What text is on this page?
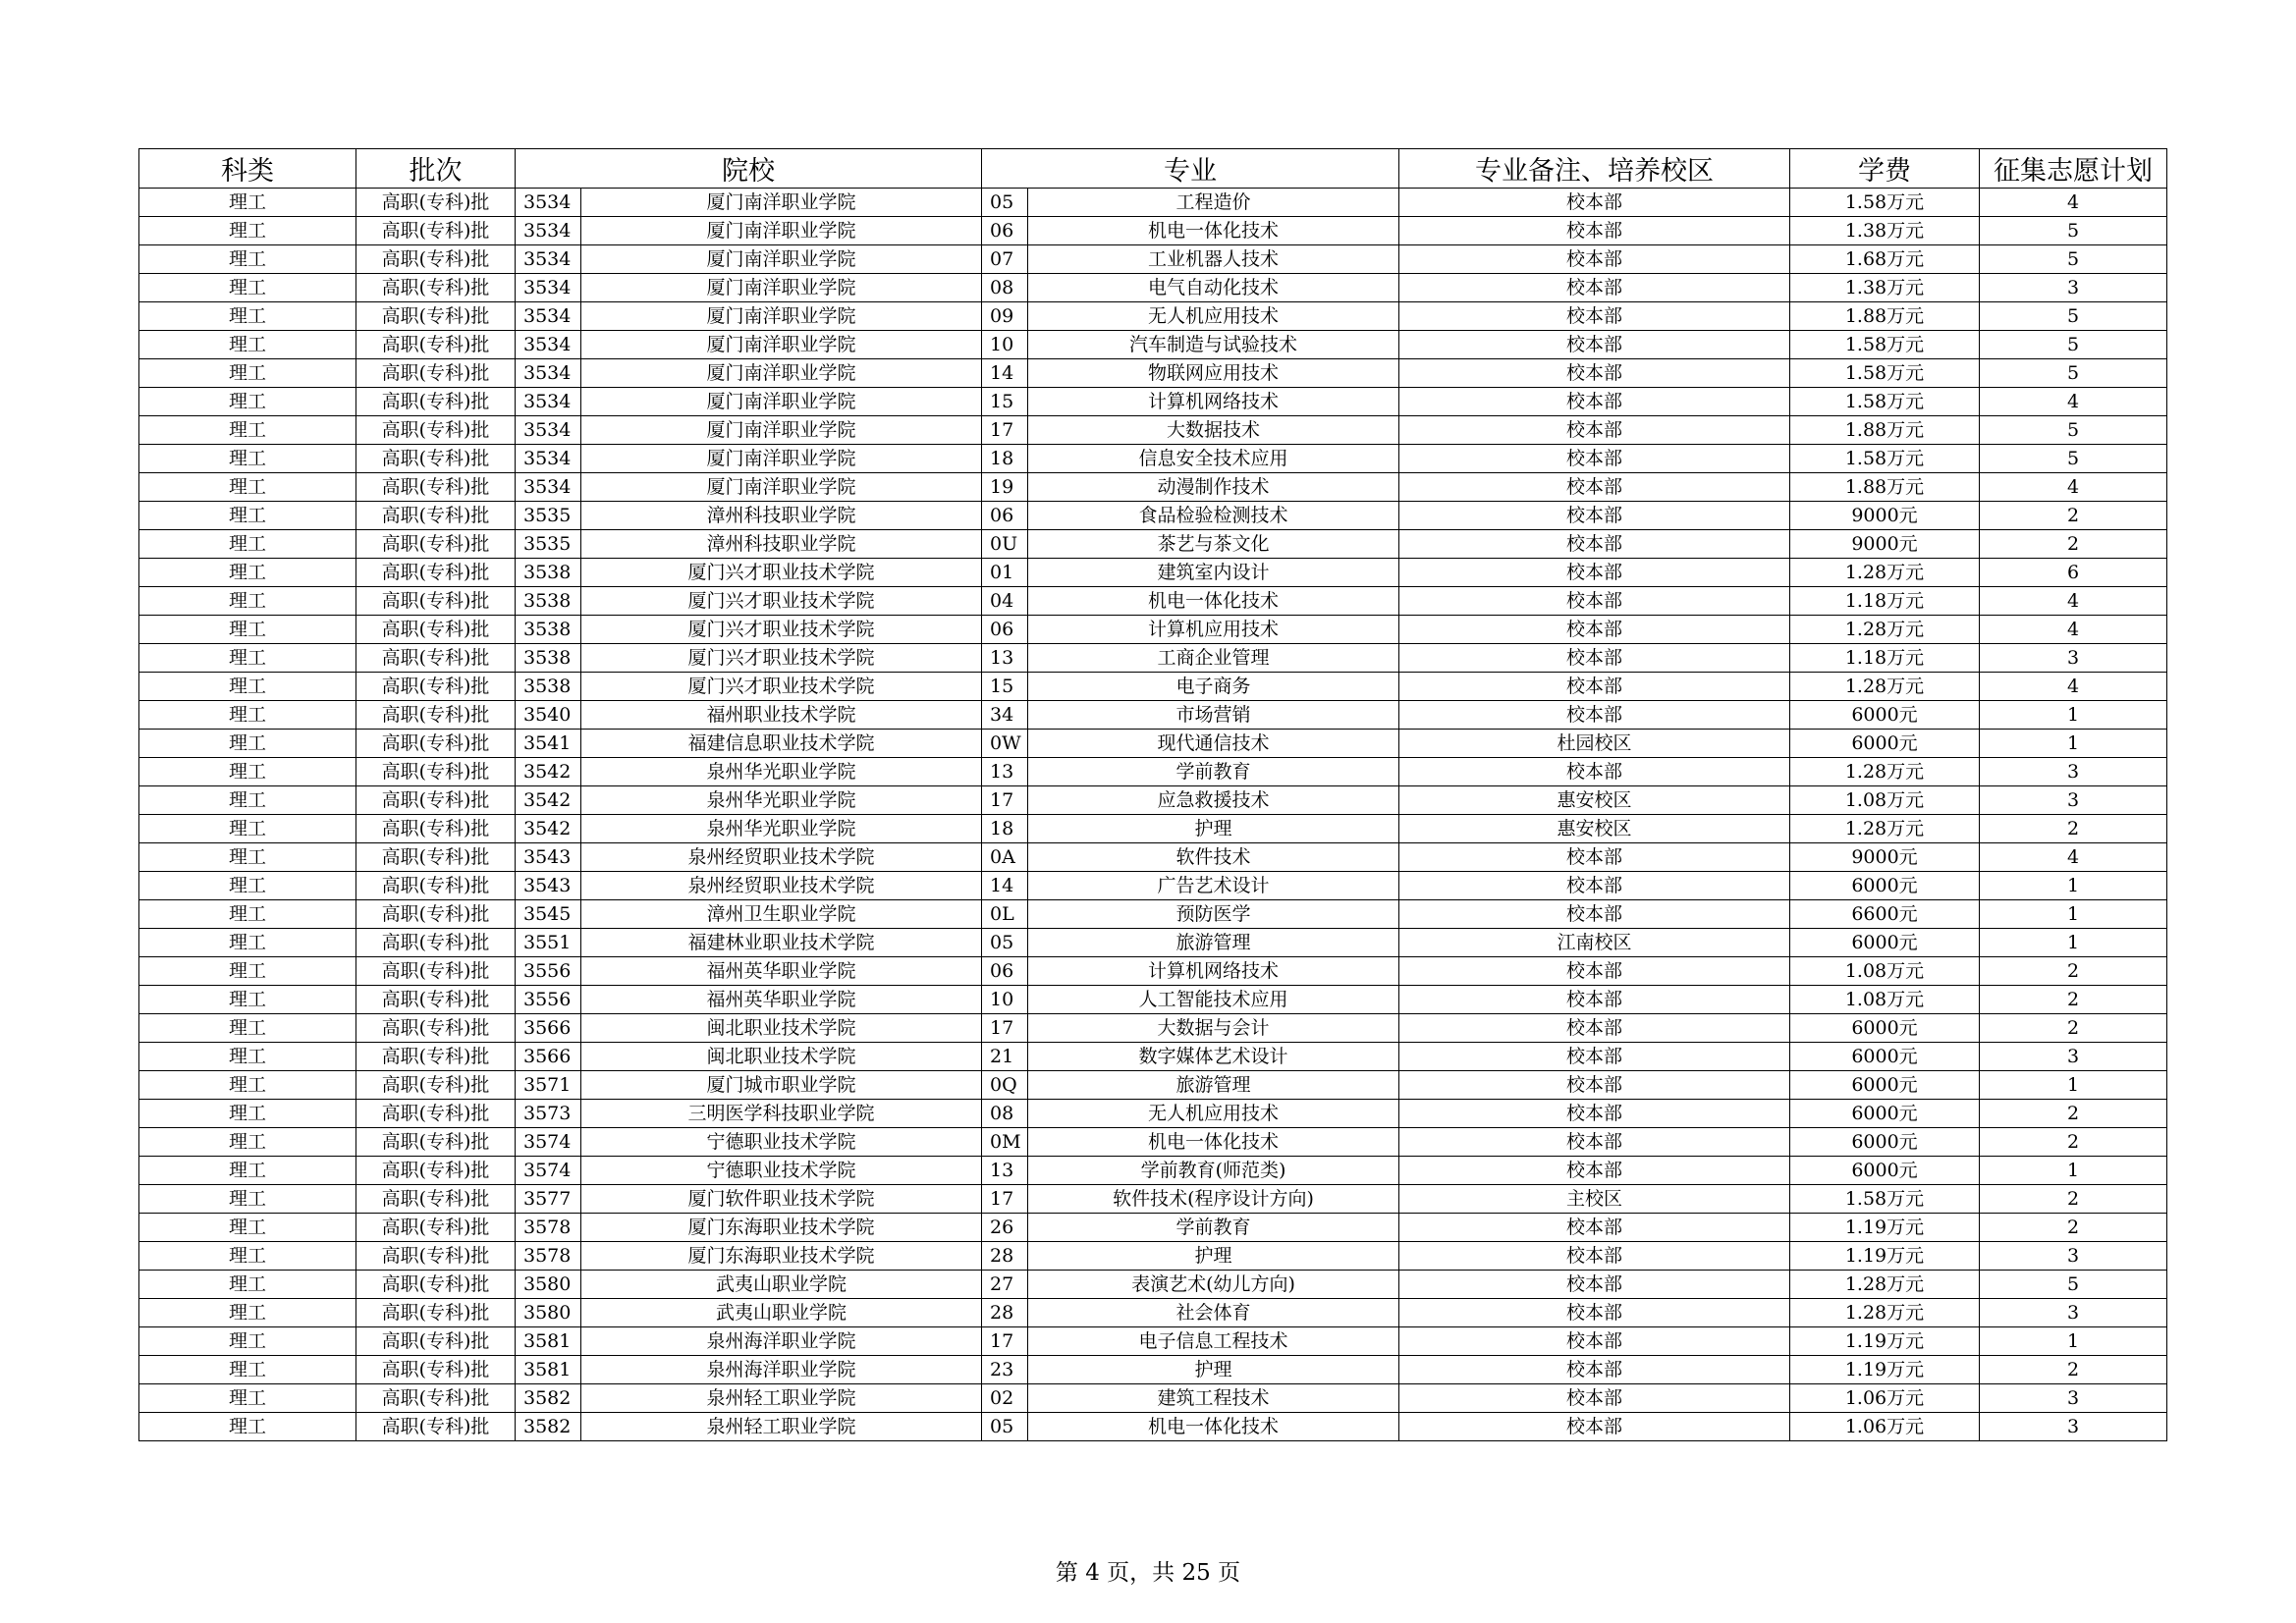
科类	批次	院校		专业		专业备注、培养校区	学费	征集志愿计划
理工	高职(专科)批	3534	厦门南洋职业学院	05	工程造价	校本部	1.58万元	4
理工	高职(专科)批	3534	厦门南洋职业学院	06	机电一体化技术	校本部	1.38万元	5
理工	高职(专科)批	3534	厦门南洋职业学院	07	工业机器人技术	校本部	1.68万元	5
理工	高职(专科)批	3534	厦门南洋职业学院	08	电气自动化技术	校本部	1.38万元	3
理工	高职(专科)批	3534	厦门南洋职业学院	09	无人机应用技术	校本部	1.88万元	5
理工	高职(专科)批	3534	厦门南洋职业学院	10	汽车制造与试验技术	校本部	1.58万元	5
理工	高职(专科)批	3534	厦门南洋职业学院	14	物联网应用技术	校本部	1.58万元	5
理工	高职(专科)批	3534	厦门南洋职业学院	15	计算机网络技术	校本部	1.58万元	4
理工	高职(专科)批	3534	厦门南洋职业学院	17	大数据技术	校本部	1.88万元	5
理工	高职(专科)批	3534	厦门南洋职业学院	18	信息安全技术应用	校本部	1.58万元	5
理工	高职(专科)批	3534	厦门南洋职业学院	19	动漫制作技术	校本部	1.88万元	4
理工	高职(专科)批	3535	漳州科技职业学院	06	食品检验检测技术	校本部	9000元	2
理工	高职(专科)批	3535	漳州科技职业学院	0U	茶艺与茶文化	校本部	9000元	2
理工	高职(专科)批	3538	厦门兴才职业技术学院	01	建筑室内设计	校本部	1.28万元	6
理工	高职(专科)批	3538	厦门兴才职业技术学院	04	机电一体化技术	校本部	1.18万元	4
理工	高职(专科)批	3538	厦门兴才职业技术学院	06	计算机应用技术	校本部	1.28万元	4
理工	高职(专科)批	3538	厦门兴才职业技术学院	13	工商企业管理	校本部	1.18万元	3
理工	高职(专科)批	3538	厦门兴才职业技术学院	15	电子商务	校本部	1.28万元	4
理工	高职(专科)批	3540	福州职业技术学院	34	市场营销	校本部	6000元	1
理工	高职(专科)批	3541	福建信息职业技术学院	0W	现代通信技术	杜园校区	6000元	1
理工	高职(专科)批	3542	泉州华光职业学院	13	学前教育	校本部	1.28万元	3
理工	高职(专科)批	3542	泉州华光职业学院	17	应急救援技术	惠安校区	1.08万元	3
理工	高职(专科)批	3542	泉州华光职业学院	18	护理	惠安校区	1.28万元	2
理工	高职(专科)批	3543	泉州经贸职业技术学院	0A	软件技术	校本部	9000元	4
理工	高职(专科)批	3543	泉州经贸职业技术学院	14	广告艺术设计	校本部	6000元	1
理工	高职(专科)批	3545	漳州卫生职业学院	0L	预防医学	校本部	6600元	1
理工	高职(专科)批	3551	福建林业职业技术学院	05	旅游管理	江南校区	6000元	1
理工	高职(专科)批	3556	福州英华职业学院	06	计算机网络技术	校本部	1.08万元	2
理工	高职(专科)批	3556	福州英华职业学院	10	人工智能技术应用	校本部	1.08万元	2
理工	高职(专科)批	3566	闽北职业技术学院	17	大数据与会计	校本部	6000元	2
理工	高职(专科)批	3566	闽北职业技术学院	21	数字媒体艺术设计	校本部	6000元	3
理工	高职(专科)批	3571	厦门城市职业学院	0Q	旅游管理	校本部	6000元	1
理工	高职(专科)批	3573	三明医学科技职业学院	08	无人机应用技术	校本部	6000元	2
理工	高职(专科)批	3574	宁德职业技术学院	0M	机电一体化技术	校本部	6000元	2
理工	高职(专科)批	3574	宁德职业技术学院	13	学前教育(师范类)	校本部	6000元	1
理工	高职(专科)批	3577	厦门软件职业技术学院	17	软件技术(程序设计方向)	主校区	1.58万元	2
理工	高职(专科)批	3578	厦门东海职业技术学院	26	学前教育	校本部	1.19万元	2
理工	高职(专科)批	3578	厦门东海职业技术学院	28	护理	校本部	1.19万元	3
理工	高职(专科)批	3580	武夷山职业学院	27	表演艺术(幼儿方向)	校本部	1.28万元	5
理工	高职(专科)批	3580	武夷山职业学院	28	社会体育	校本部	1.28万元	3
理工	高职(专科)批	3581	泉州海洋职业学院	17	电子信息工程技术	校本部	1.19万元	1
理工	高职(专科)批	3581	泉州海洋职业学院	23	护理	校本部	1.19万元	2
理工	高职(专科)批	3582	泉州轻工职业学院	02	建筑工程技术	校本部	1.06万元	3
理工	高职(专科)批	3582	泉州轻工职业学院	05	机电一体化技术	校本部	1.06万元	3
第 4 页，共 25 页
